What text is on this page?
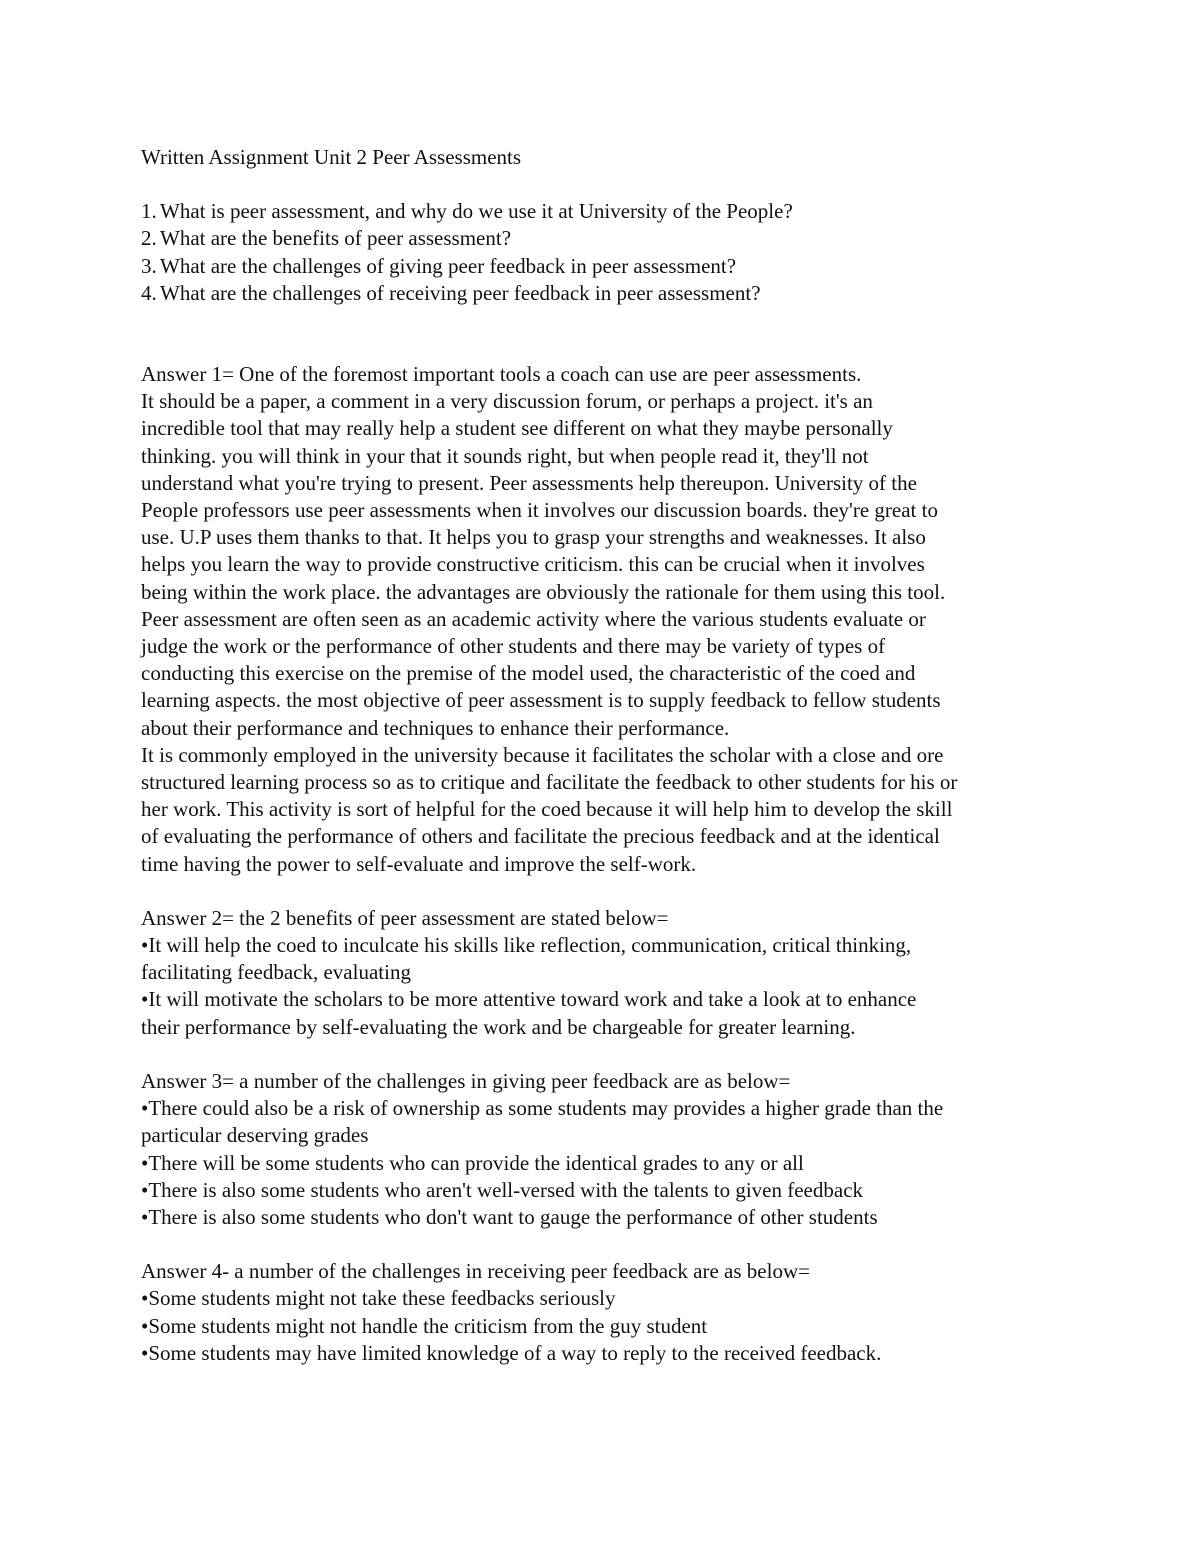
Written Assignment Unit 2 Peer Assessments
1. What is peer assessment, and why do we use it at University of the People?
2. What are the benefits of peer assessment?
3. What are the challenges of giving peer feedback in peer assessment?
4. What are the challenges of receiving peer feedback in peer assessment?
Answer 1= One of the foremost important tools a coach can use are peer assessments.
It should be a paper, a comment in a very discussion forum, or perhaps a project. it's an
incredible tool that may really help a student see different on what they maybe personally
thinking. you will think in your that it sounds right, but when people read it, they'll not
understand what you're trying to present. Peer assessments help thereupon. University of the
People professors use peer assessments when it involves our discussion boards. they're great to
use. U.P uses them thanks to that. It helps you to grasp your strengths and weaknesses. It also
helps you learn the way to provide constructive criticism. this can be crucial when it involves
being within the work place. the advantages are obviously the rationale for them using this tool.
Peer assessment are often seen as an academic activity where the various students evaluate or
judge the work or the performance of other students and there may be variety of types of
conducting this exercise on the premise of the model used, the characteristic of the coed and
learning aspects. the most objective of peer assessment is to supply feedback to fellow students
about their performance and techniques to enhance their performance.
It is commonly employed in the university because it facilitates the scholar with a close and ore
structured learning process so as to critique and facilitate the feedback to other students for his or
her work. This activity is sort of helpful for the coed because it will help him to develop the skill
of evaluating the performance of others and facilitate the precious feedback and at the identical
time having the power to self-evaluate and improve the self-work.
Answer 2= the 2 benefits of peer assessment are stated below=
•It will help the coed to inculcate his skills like reflection, communication, critical thinking,
facilitating feedback, evaluating
•It will motivate the scholars to be more attentive toward work and take a look at to enhance
their performance by self-evaluating the work and be chargeable for greater learning.
Answer 3= a number of the challenges in giving peer feedback are as below=
•There could also be a risk of ownership as some students may provides a higher grade than the
particular deserving grades
•There will be some students who can provide the identical grades to any or all
•There is also some students who aren't well-versed with the talents to given feedback
•There is also some students who don't want to gauge the performance of other students
Answer 4- a number of the challenges in receiving peer feedback are as below=
•Some students might not take these feedbacks seriously
•Some students might not handle the criticism from the guy student
•Some students may have limited knowledge of a way to reply to the received feedback.
